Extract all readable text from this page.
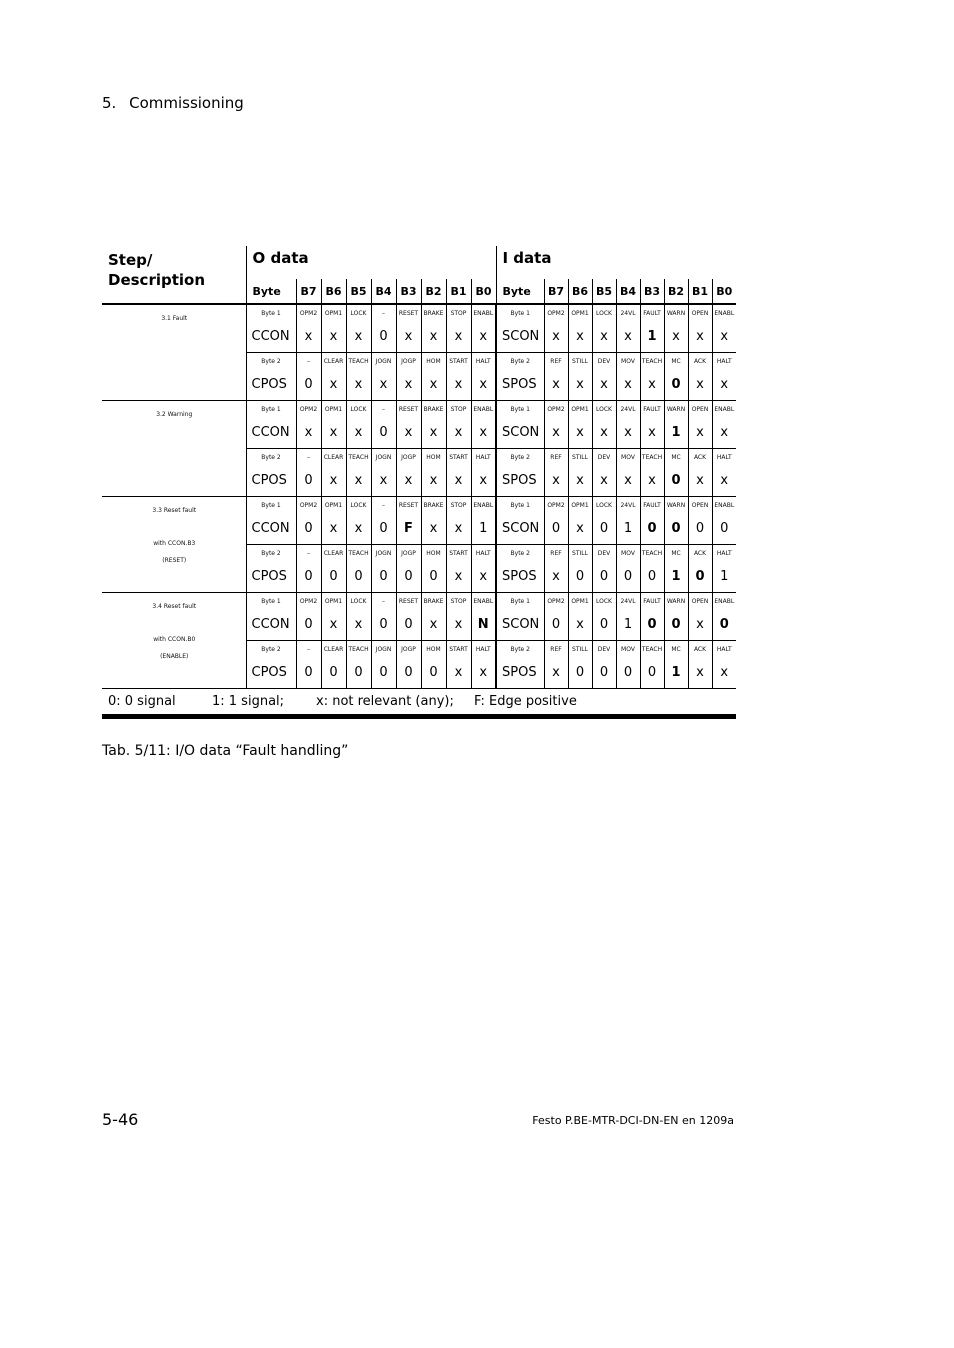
5. Commissioning
Step/
Description	O data									I data								
	Byte	B7	B6	B5	B4	B3	B2	B1	B0	Byte	B7	B6	B5	B4	B3	B2	B1	B0
3.1 Fault	Byte 1	OPM2	OPM1	LOCK	–	RESET	BRAKE	STOP	ENABL	Byte 1	OPM2	OPM1	LOCK	24VL	FAULT	WARN	OPEN	ENABL
	CCON	x	x	x	0	x	x	x	x	SCON	x	x	x	x	1	x	x	x
	Byte 2	–	CLEAR	TEACH	JOGN	JOGP	HOM	START	HALT	Byte 2	REF	STILL	DEV	MOV	TEACH	MC	ACK	HALT
	CPOS	0	x	x	x	x	x	x	x	SPOS	x	x	x	x	x	0	x	x
3.2 Warning	Byte 1	OPM2	OPM1	LOCK	–	RESET	BRAKE	STOP	ENABL	Byte 1	OPM2	OPM1	LOCK	24VL	FAULT	WARN	OPEN	ENABL
	CCON	x	x	x	0	x	x	x	x	SCON	x	x	x	x	x	1	x	x
	Byte 2	–	CLEAR	TEACH	JOGN	JOGP	HOM	START	HALT	Byte 2	REF	STILL	DEV	MOV	TEACH	MC	ACK	HALT
	CPOS	0	x	x	x	x	x	x	x	SPOS	x	x	x	x	x	0	x	x
3.3 Reset fault
with CCON.B3
(RESET)	Byte 1	OPM2	OPM1	LOCK	–	RESET	BRAKE	STOP	ENABL	Byte 1	OPM2	OPM1	LOCK	24VL	FAULT	WARN	OPEN	ENABL
	CCON	0	x	x	0	F	x	x	1	SCON	0	x	0	1	0	0	0	0
	Byte 2	–	CLEAR	TEACH	JOGN	JOGP	HOM	START	HALT	Byte 2	REF	STILL	DEV	MOV	TEACH	MC	ACK	HALT
	CPOS	0	0	0	0	0	0	x	x	SPOS	x	0	0	0	0	1	0	1
3.4 Reset fault
with CCON.B0
(ENABLE)	Byte 1	OPM2	OPM1	LOCK	–	RESET	BRAKE	STOP	ENABL	Byte 1	OPM2	OPM1	LOCK	24VL	FAULT	WARN	OPEN	ENABL
	CCON	0	x	x	0	0	x	x	N	SCON	0	x	0	1	0	0	x	0
	Byte 2	–	CLEAR	TEACH	JOGN	JOGP	HOM	START	HALT	Byte 2	REF	STILL	DEV	MOV	TEACH	MC	ACK	HALT
	CPOS	0	0	0	0	0	0	x	x	SPOS	x	0	0	0	0	1	x	x
0: 0 signal 1: 1 signal; x: not relevant (any); F: Edge positive																		
Tab. 5/11: I/O data “Fault handling”
5-46	Festo P.BE-MTR-DCI-DN-EN en 1209a
